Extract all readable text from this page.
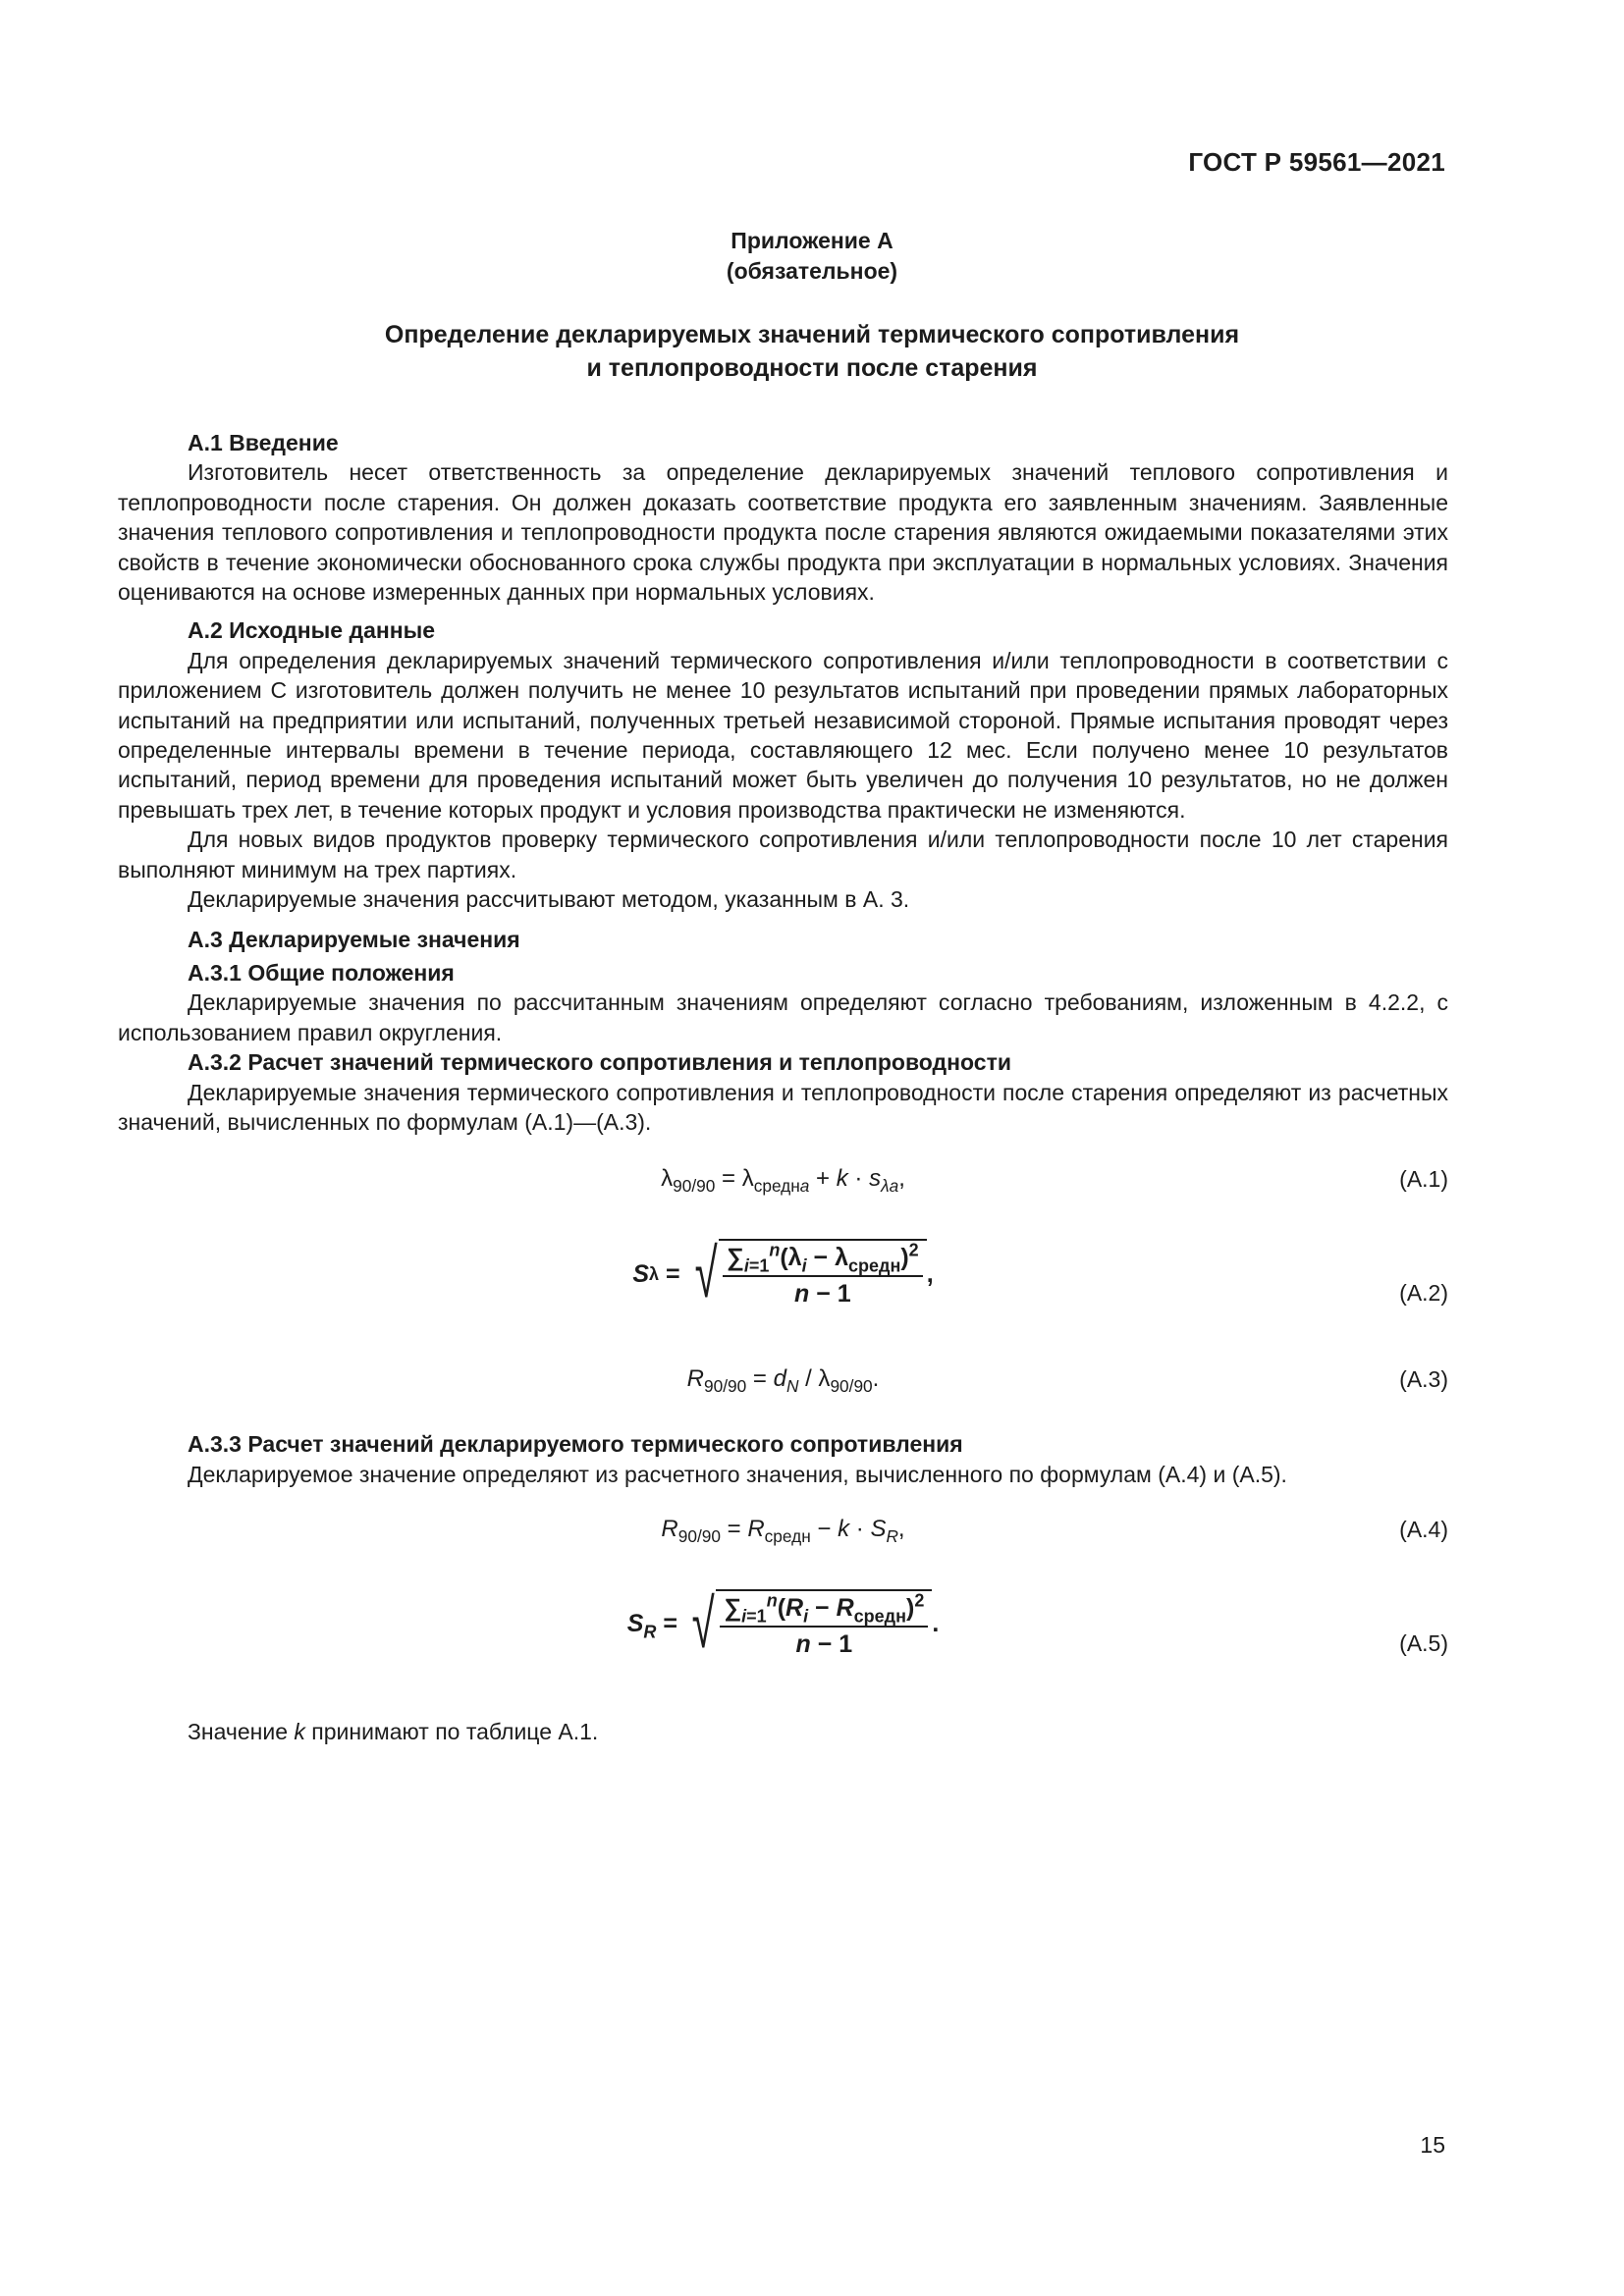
ГОСТ Р 59561—2021
Приложение А
(обязательное)
Определение декларируемых значений термического сопротивления
и теплопроводности после старения

А.1 Введение

Изготовитель несет ответственность за определение декларируемых значений теплового сопротивления и теплопроводности после старения. Он должен доказать соответствие продукта его заявленным значениям. Заявленные значения теплового сопротивления и теплопроводности продукта после старения являются ожидаемыми показателями этих свойств в течение экономически обоснованного срока службы продукта при эксплуатации в нормальных условиях. Значения оцениваются на основе измеренных данных при нормальных условиях.

А.2 Исходные данные

Для определения декларируемых значений термического сопротивления и/или теплопроводности в соответствии с приложением С изготовитель должен получить не менее 10 результатов испытаний при проведении прямых лабораторных испытаний на предприятии или испытаний, полученных третьей независимой стороной. Прямые испытания проводят через определенные интервалы времени в течение периода, составляющего 12 мес. Если получено менее 10 результатов испытаний, период времени для проведения испытаний может быть увеличен до получения 10 результатов, но не должен превышать трех лет, в течение которых продукт и условия производства практически не изменяются.

Для новых видов продуктов проверку термического сопротивления и/или теплопроводности после 10 лет старения выполняют минимум на трех партиях.

Декларируемые значения рассчитывают методом, указанным в А. 3.

А.3 Декларируемые значения

А.3.1 Общие положения

Декларируемые значения по рассчитанным значениям определяют согласно требованиям, изложенным в 4.2.2, с использованием правил округления.

А.3.2 Расчет значений термического сопротивления и теплопроводности

Декларируемые значения термического сопротивления и теплопроводности после старения определяют из расчетных значений, вычисленных по формулам (А.1)—(А.3).

$\lambda_{90/90} = \lambda_{среднa} + k \cdot s_{\lambda a}$,	(А.1)
S λ = √ $\sum_{i=1}^n(\lambda_i - \lambda_{средн})^2$
n − 1
,
(А.2)
$R_{90/90} = d_N / \lambda_{90/90}$.	(А.3)

А.3.3 Расчет значений декларируемого термического сопротивления

Декларируемое значение определяют из расчетного значения, вычисленного по формулам (А.4) и (А.5).

$R_{90/90} = R_{средн} - k \cdot S_R$,	(А.4)
$S_R$ = √ $\sum_{i=1}^n(R_i - R_{средн})^2$
n − 1
.
(А.5)

Значение k принимают по таблице А.1.

15
